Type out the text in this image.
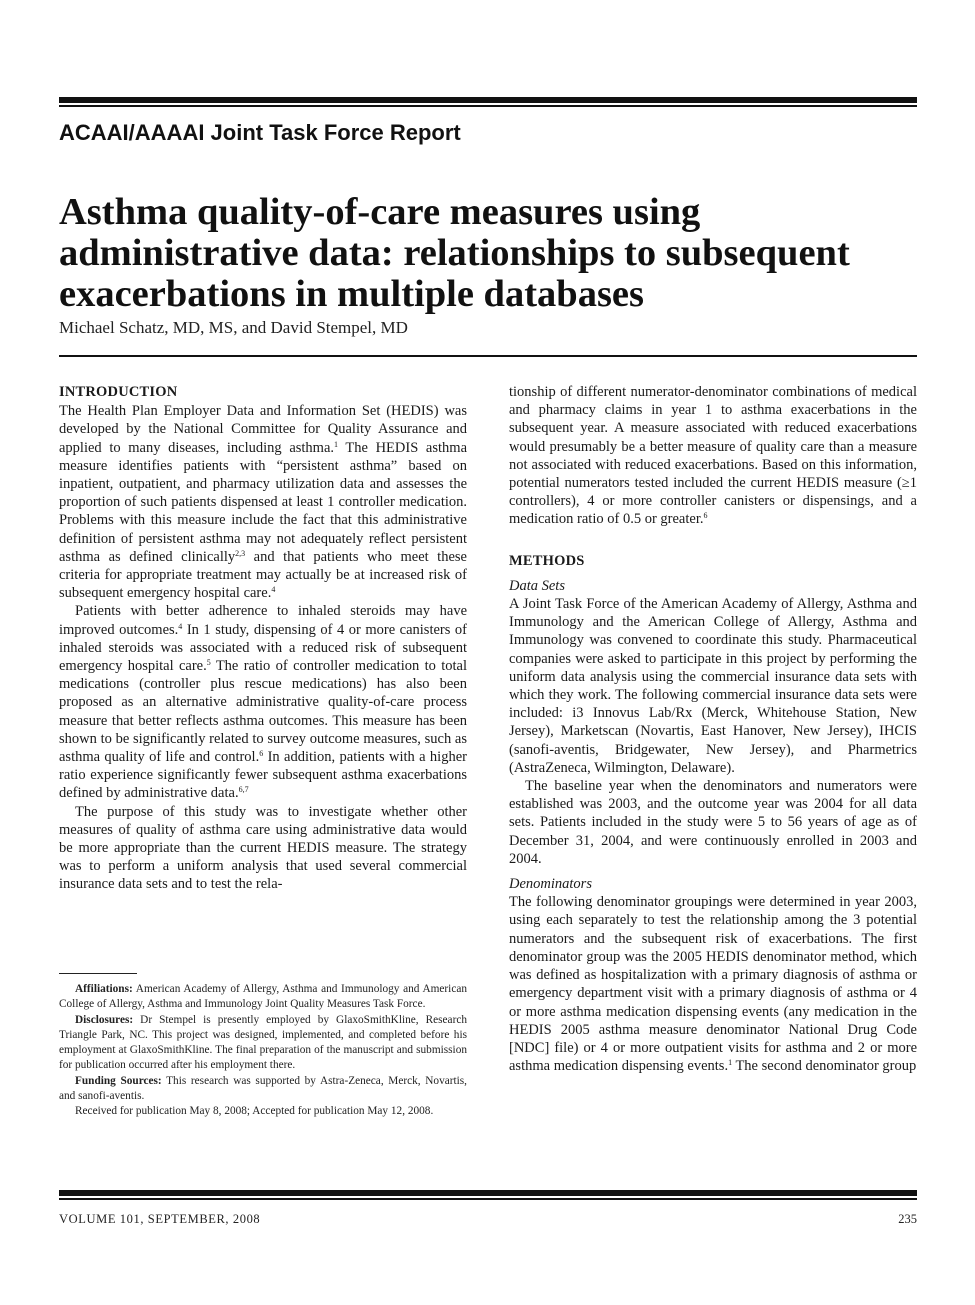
ACAAI/AAAAI Joint Task Force Report
Asthma quality-of-care measures using administrative data: relationships to subsequent exacerbations in multiple databases
Michael Schatz, MD, MS, and David Stempel, MD
INTRODUCTION

The Health Plan Employer Data and Information Set (HEDIS) was developed by the National Committee for Quality Assurance and applied to many diseases, including asthma.$^1$ The HEDIS asthma measure identifies patients with “persistent asthma” based on inpatient, outpatient, and pharmacy utilization data and assesses the proportion of such patients dispensed at least 1 controller medication. Problems with this measure include the fact that this administrative definition of persistent asthma may not adequately reflect persistent asthma as defined clinically$^{2,3}$ and that patients who meet these criteria for appropriate treatment may actually be at increased risk of subsequent emergency hospital care.$^4$

Patients with better adherence to inhaled steroids may have improved outcomes.$^4$ In 1 study, dispensing of 4 or more canisters of inhaled steroids was associated with a reduced risk of subsequent emergency hospital care.$^5$ The ratio of controller medication to total medications (controller plus rescue medications) has also been proposed as an alternative administrative quality-of-care process measure that better reflects asthma outcomes. This measure has been shown to be significantly related to survey outcome measures, such as asthma quality of life and control.$^6$ In addition, patients with a higher ratio experience significantly fewer subsequent asthma exacerbations defined by administrative data.$^{6,7}$

The purpose of this study was to investigate whether other measures of quality of asthma care using administrative data would be more appropriate than the current HEDIS measure. The strategy was to perform a uniform analysis that used several commercial insurance data sets and to test the rela-

Affiliations: American Academy of Allergy, Asthma and Immunology and American College of Allergy, Asthma and Immunology Joint Quality Measures Task Force.

Disclosures: Dr Stempel is presently employed by GlaxoSmithKline, Research Triangle Park, NC. This project was designed, implemented, and completed before his employment at GlaxoSmithKline. The final preparation of the manuscript and submission for publication occurred after his employment there.

Funding Sources: This research was supported by Astra-Zeneca, Merck, Novartis, and sanofi-aventis.

Received for publication May 8, 2008; Accepted for publication May 12, 2008.

tionship of different numerator-denominator combinations of medical and pharmacy claims in year 1 to asthma exacerbations in the subsequent year. A measure associated with reduced exacerbations would presumably be a better measure of quality care than a measure not associated with reduced exacerbations. Based on this information, potential numerators tested included the current HEDIS measure (≥1 controllers), 4 or more controller canisters or dispensings, and a medication ratio of 0.5 or greater.$^6$

METHODS

Data Sets

A Joint Task Force of the American Academy of Allergy, Asthma and Immunology and the American College of Allergy, Asthma and Immunology was convened to coordinate this study. Pharmaceutical companies were asked to participate in this project by performing the uniform data analysis using the commercial insurance data sets with which they work. The following commercial insurance data sets were included: i3 Innovus Lab/Rx (Merck, Whitehouse Station, New Jersey), Marketscan (Novartis, East Hanover, New Jersey), IHCIS (sanofi-aventis, Bridgewater, New Jersey), and Pharmetrics (AstraZeneca, Wilmington, Delaware).

The baseline year when the denominators and numerators were established was 2003, and the outcome year was 2004 for all data sets. Patients included in the study were 5 to 56 years of age as of December 31, 2004, and were continuously enrolled in 2003 and 2004.

Denominators

The following denominator groupings were determined in year 2003, using each separately to test the relationship among the 3 potential numerators and the subsequent risk of exacerbations. The first denominator group was the 2005 HEDIS denominator method, which was defined as hospitalization with a primary diagnosis of asthma or emergency department visit with a primary diagnosis of asthma or 4 or more asthma medication dispensing events (any medication in the HEDIS 2005 asthma measure denominator National Drug Code [NDC] file) or 4 or more outpatient visits for asthma and 2 or more asthma medication dispensing events.$^1$ The second denominator group

VOLUME 101, SEPTEMBER, 2008	235
